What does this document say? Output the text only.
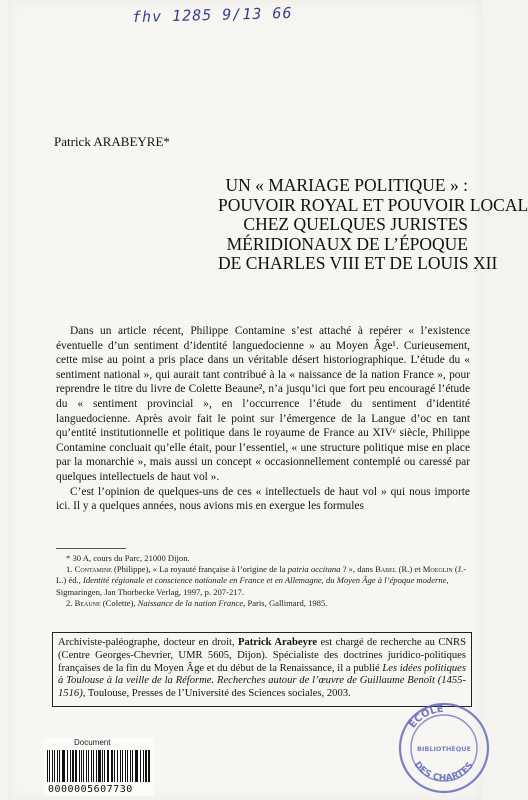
fhv 1285 9/13 66
Patrick ARABEYRE*
UN « MARIAGE POLITIQUE » :
POUVOIR ROYAL ET POUVOIR LOCAL
CHEZ QUELQUES JURISTES
MÉRIDIONAUX DE L’ÉPOQUE
DE CHARLES VIII ET DE LOUIS XII

Dans un article récent, Philippe Contamine s’est attaché à repérer « l’existence éventuelle d’un sentiment d’identité languedocienne » au Moyen Âge¹. Curieusement, cette mise au point a pris place dans un véritable désert historiographique. L’étude du « sentiment national », qui aurait tant contribué à la « naissance de la nation France », pour reprendre le titre du livre de Colette Beaune², n’a jusqu’ici que fort peu encouragé l’étude du « sentiment provincial », en l’occurrence l’étude du sentiment d’identité languedocienne. Après avoir fait le point sur l’émergence de la Langue d’oc en tant qu’entité institutionnelle et politique dans le royaume de France au XIVᵉ siècle, Philippe Contamine concluait qu’elle était, pour l’essentiel, « une structure politique mise en place par la monarchie », mais aussi un concept « occasionnellement contemplé ou caressé par quelques intellectuels de haut vol ».

C’est l’opinion de quelques-uns de ces « intellectuels de haut vol » qui nous importe ici. Il y a quelques années, nous avions mis en exergue les formules

* 30 A, cours du Parc, 21000 Dijon.

1. Contamine (Philippe), « La royauté française à l’origine de la patria occitana ? », dans Babel (R.) et Moeglin (J.-L.) éd., Identité régionale et conscience nationale en France et en Allemagne, du Moyen Âge à l’époque moderne, Sigmaringen, Jan Thorbecke Verlag, 1997, p. 207-217.

2. Beaune (Colette), Naissance de la nation France, Paris, Gallimard, 1985.

Archiviste-paléographe, docteur en droit, Patrick Arabeyre est chargé de recherche au CNRS (Centre Georges-Chevrier, UMR 5605, Dijon). Spécialiste des doctrines juridico-politiques françaises de la fin du Moyen Âge et du début de la Renaissance, il a publié Les idées politiques à Toulouse à la veille de la Réforme. Recherches autour de l’œuvre de Guillaume Benoît (1455-1516), Toulouse, Presses de l’Université des Sciences sociales, 2003.
Document
0000005607730
ÉCOLE
DES CHARTES
BIBLIOTHÈQUE
